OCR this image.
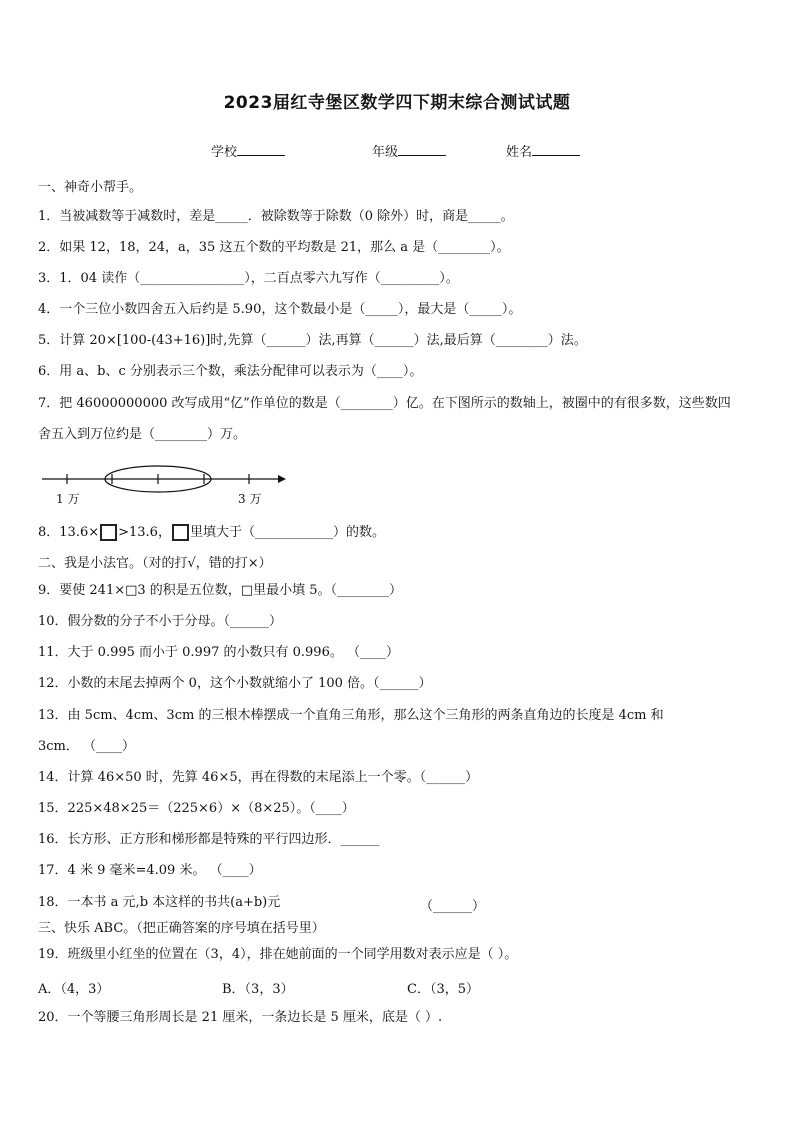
2023届红寺堡区数学四下期末综合测试试题
学校	年级	姓名
一、神奇小帮手。
1．当被减数等于减数时，差是_____．被除数等于除数（0 除外）时，商是_____。
2．如果 12，18，24，a，35 这五个数的平均数是 21，那么 a 是（________）。
3．1．04 读作（________________），二百点零六九写作（_________）。
4．一个三位小数四舍五入后约是 5.90，这个数最小是（_____），最大是（_____）。
5．计算 20×[100-(43+16)]时,先算（______）法,再算（______）法,最后算（________）法。
6．用 a、b、c 分别表示三个数，乘法分配律可以表示为（____）。
7．把 46000000000 改写成用“亿”作单位的数是（________）亿。在下图所示的数轴上，被圈中的有很多数，这些数四
舍五入到万位约是（________）万。
1 万	3 万
8．13.6× >13.6， 里填大于（____________）的数。
二、我是小法官。（对的打√，错的打×）
9．要使 241×□3 的积是五位数，□里最小填 5。（________）
10．假分数的分子不小于分母。（______）
11．大于 0.995 而小于 0.997 的小数只有 0.996。 （____）
12．小数的末尾去掉两个 0，这个小数就缩小了 100 倍。（______）
13．由 5cm、4cm、3cm 的三根木棒摆成一个直角三角形，那么这个三角形的两条直角边的长度是 4cm 和
3cm． （____）
14．计算 46×50 时，先算 46×5，再在得数的末尾添上一个零。（______）
15．225×48×25＝（225×6）×（8×25）。（____）
16．长方形、正方形和梯形都是特殊的平行四边形．______
17．4 米 9 毫米=4.09 米。 （____）
18．一本书 a 元,b 本这样的书共(a+b)元	（______）
三、快乐 ABC。（把正确答案的序号填在括号里）
19．班级里小红坐的位置在（3，4），排在她前面的一个同学用数对表示应是（ ）。
A．（4，3）	B．（3，3）	C．（3，5）
20．一个等腰三角形周长是 21 厘米，一条边长是 5 厘米，底是（ ）.
